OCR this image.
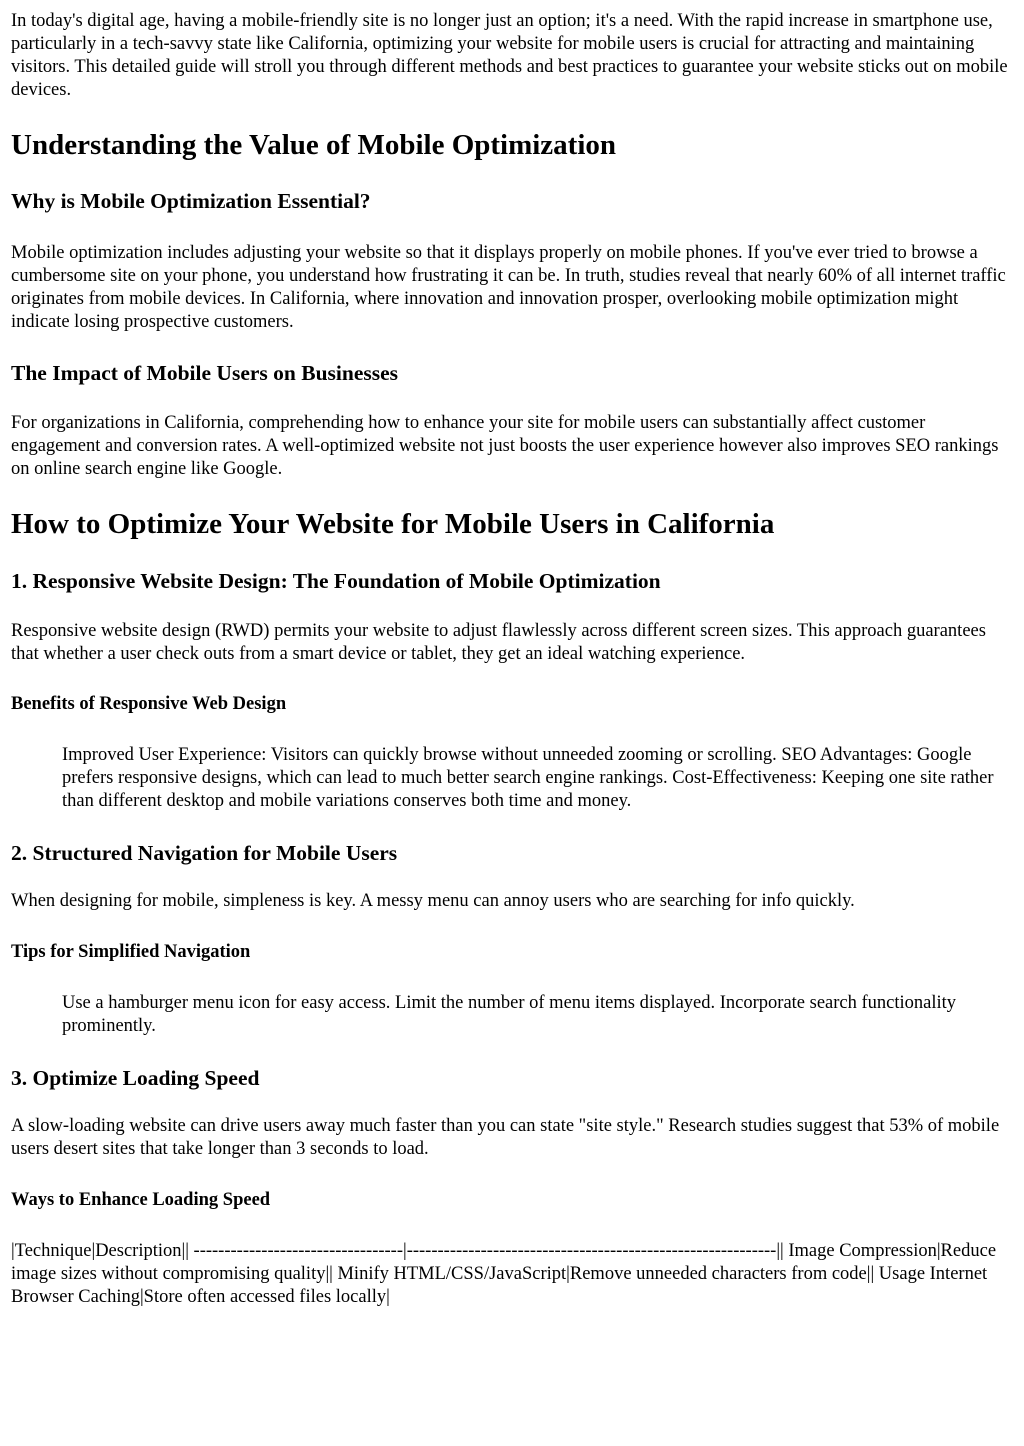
In today's digital age, having a mobile-friendly site is no longer just an option; it's a need. With the rapid increase in smartphone use, particularly in a tech-savvy state like California, optimizing your website for mobile users is crucial for attracting and maintaining visitors. This detailed guide will stroll you through different methods and best practices to guarantee your website sticks out on mobile devices.

Understanding the Value of Mobile Optimization
Why is Mobile Optimization Essential?

Mobile optimization includes adjusting your website so that it displays properly on mobile phones. If you've ever tried to browse a cumbersome site on your phone, you understand how frustrating it can be. In truth, studies reveal that nearly 60% of all internet traffic originates from mobile devices. In California, where innovation and innovation prosper, overlooking mobile optimization might indicate losing prospective customers.

The Impact of Mobile Users on Businesses

For organizations in California, comprehending how to enhance your site for mobile users can substantially affect customer engagement and conversion rates. A well-optimized website not just boosts the user experience however also improves SEO rankings on online search engine like Google.

How to Optimize Your Website for Mobile Users in California
1. Responsive Website Design: The Foundation of Mobile Optimization

Responsive website design (RWD) permits your website to adjust flawlessly across different screen sizes. This approach guarantees that whether a user check outs from a smart device or tablet, they get an ideal watching experience.

Benefits of Responsive Web Design
Improved User Experience: Visitors can quickly browse without unneeded zooming or scrolling. SEO Advantages: Google prefers responsive designs, which can lead to much better search engine rankings. Cost-Effectiveness: Keeping one site rather than different desktop and mobile variations conserves both time and money.
2. Structured Navigation for Mobile Users

When designing for mobile, simpleness is key. A messy menu can annoy users who are searching for info quickly.

Tips for Simplified Navigation
Use a hamburger menu icon for easy access. Limit the number of menu items displayed. Incorporate search functionality prominently.
3. Optimize Loading Speed

A slow-loading website can drive users away much faster than you can state "site style." Research studies suggest that 53% of mobile users desert sites that take longer than 3 seconds to load.

Ways to Enhance Loading Speed

|Technique|Description|| ----------------------------------|------------------------------------------------------------|| Image Compression|Reduce image sizes without compromising quality|| Minify HTML/CSS/JavaScript|Remove unneeded characters from code|| Usage Internet Browser Caching|Store often accessed files locally|
